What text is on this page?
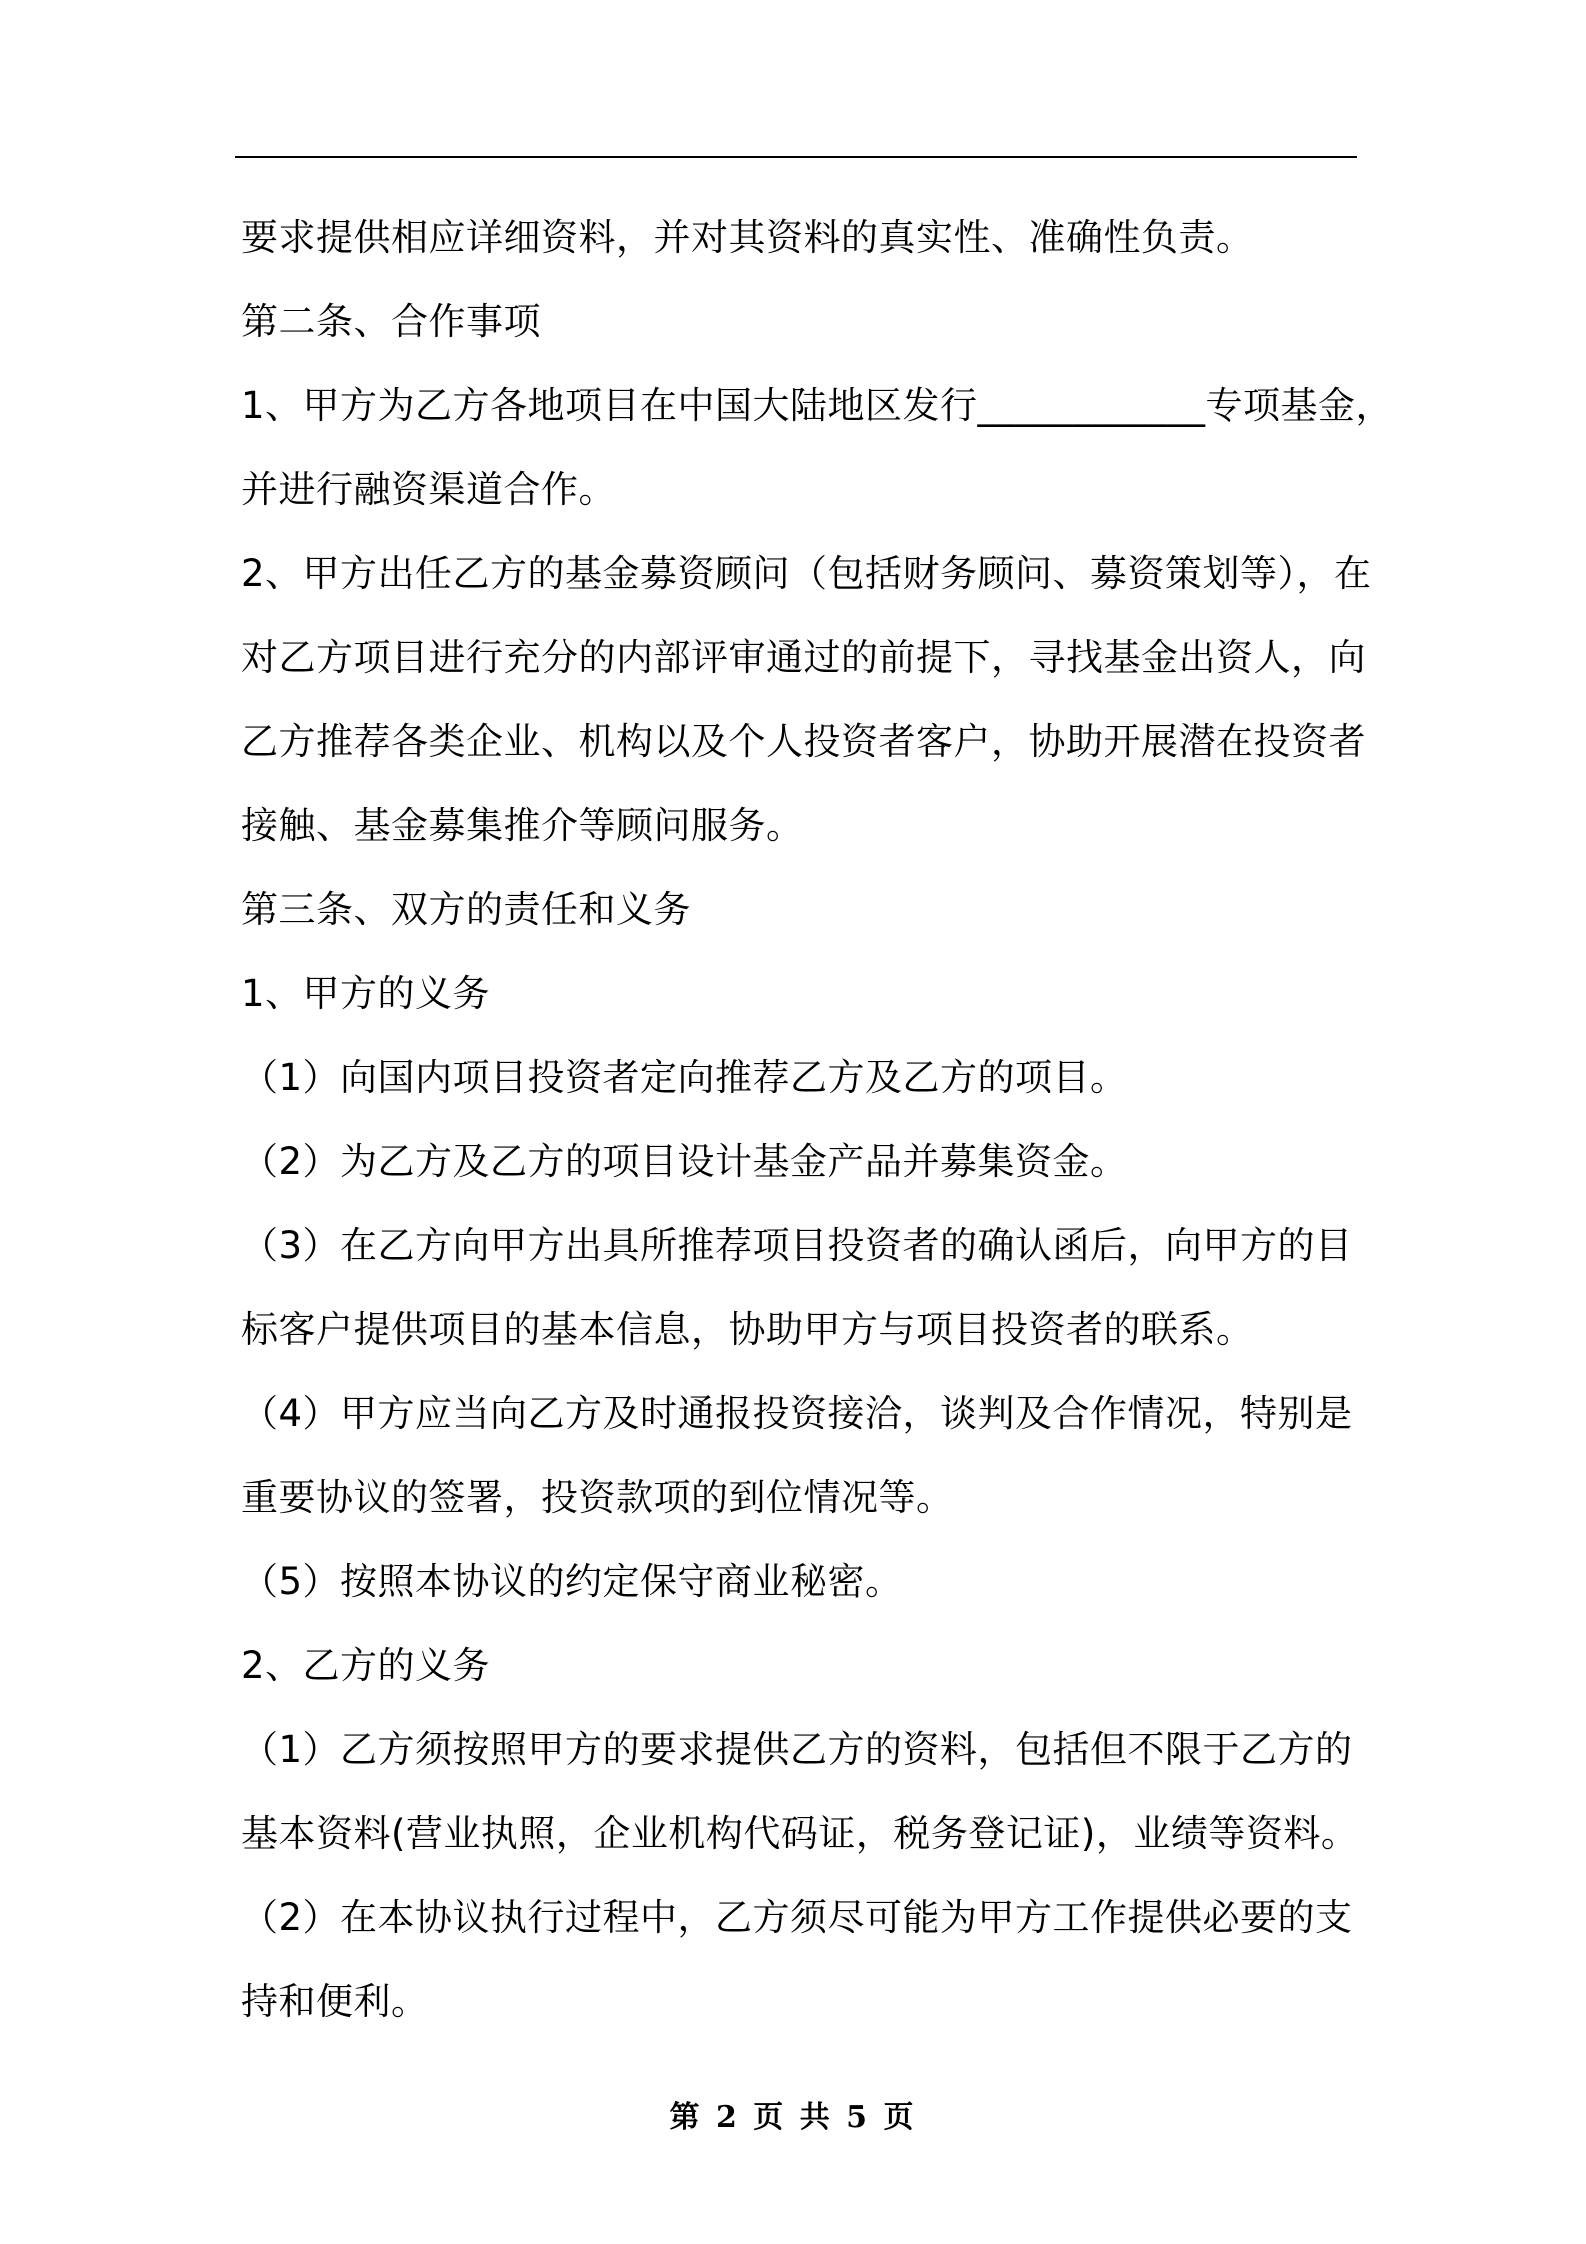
要求提供相应详细资料，并对其资料的真实性、准确性负责。
第二条、合作事项
1、甲方为乙方各地项目在中国大陆地区发行____________专项基金，
并进行融资渠道合作。
2、甲方出任乙方的基金募资顾问（包括财务顾问、募资策划等），在
对乙方项目进行充分的内部评审通过的前提下，寻找基金出资人，向
乙方推荐各类企业、机构以及个人投资者客户，协助开展潜在投资者
接触、基金募集推介等顾问服务。
第三条、双方的责任和义务
1、甲方的义务
（1）向国内项目投资者定向推荐乙方及乙方的项目。
（2）为乙方及乙方的项目设计基金产品并募集资金。
（3）在乙方向甲方出具所推荐项目投资者的确认函后，向甲方的目
标客户提供项目的基本信息，协助甲方与项目投资者的联系。
（4）甲方应当向乙方及时通报投资接洽，谈判及合作情况，特别是
重要协议的签署，投资款项的到位情况等。
（5）按照本协议的约定保守商业秘密。
2、乙方的义务
（1）乙方须按照甲方的要求提供乙方的资料，包括但不限于乙方的
基本资料(营业执照，企业机构代码证，税务登记证)，业绩等资料。
（2）在本协议执行过程中，乙方须尽可能为甲方工作提供必要的支
持和便利。
第 2 页 共 5 页
